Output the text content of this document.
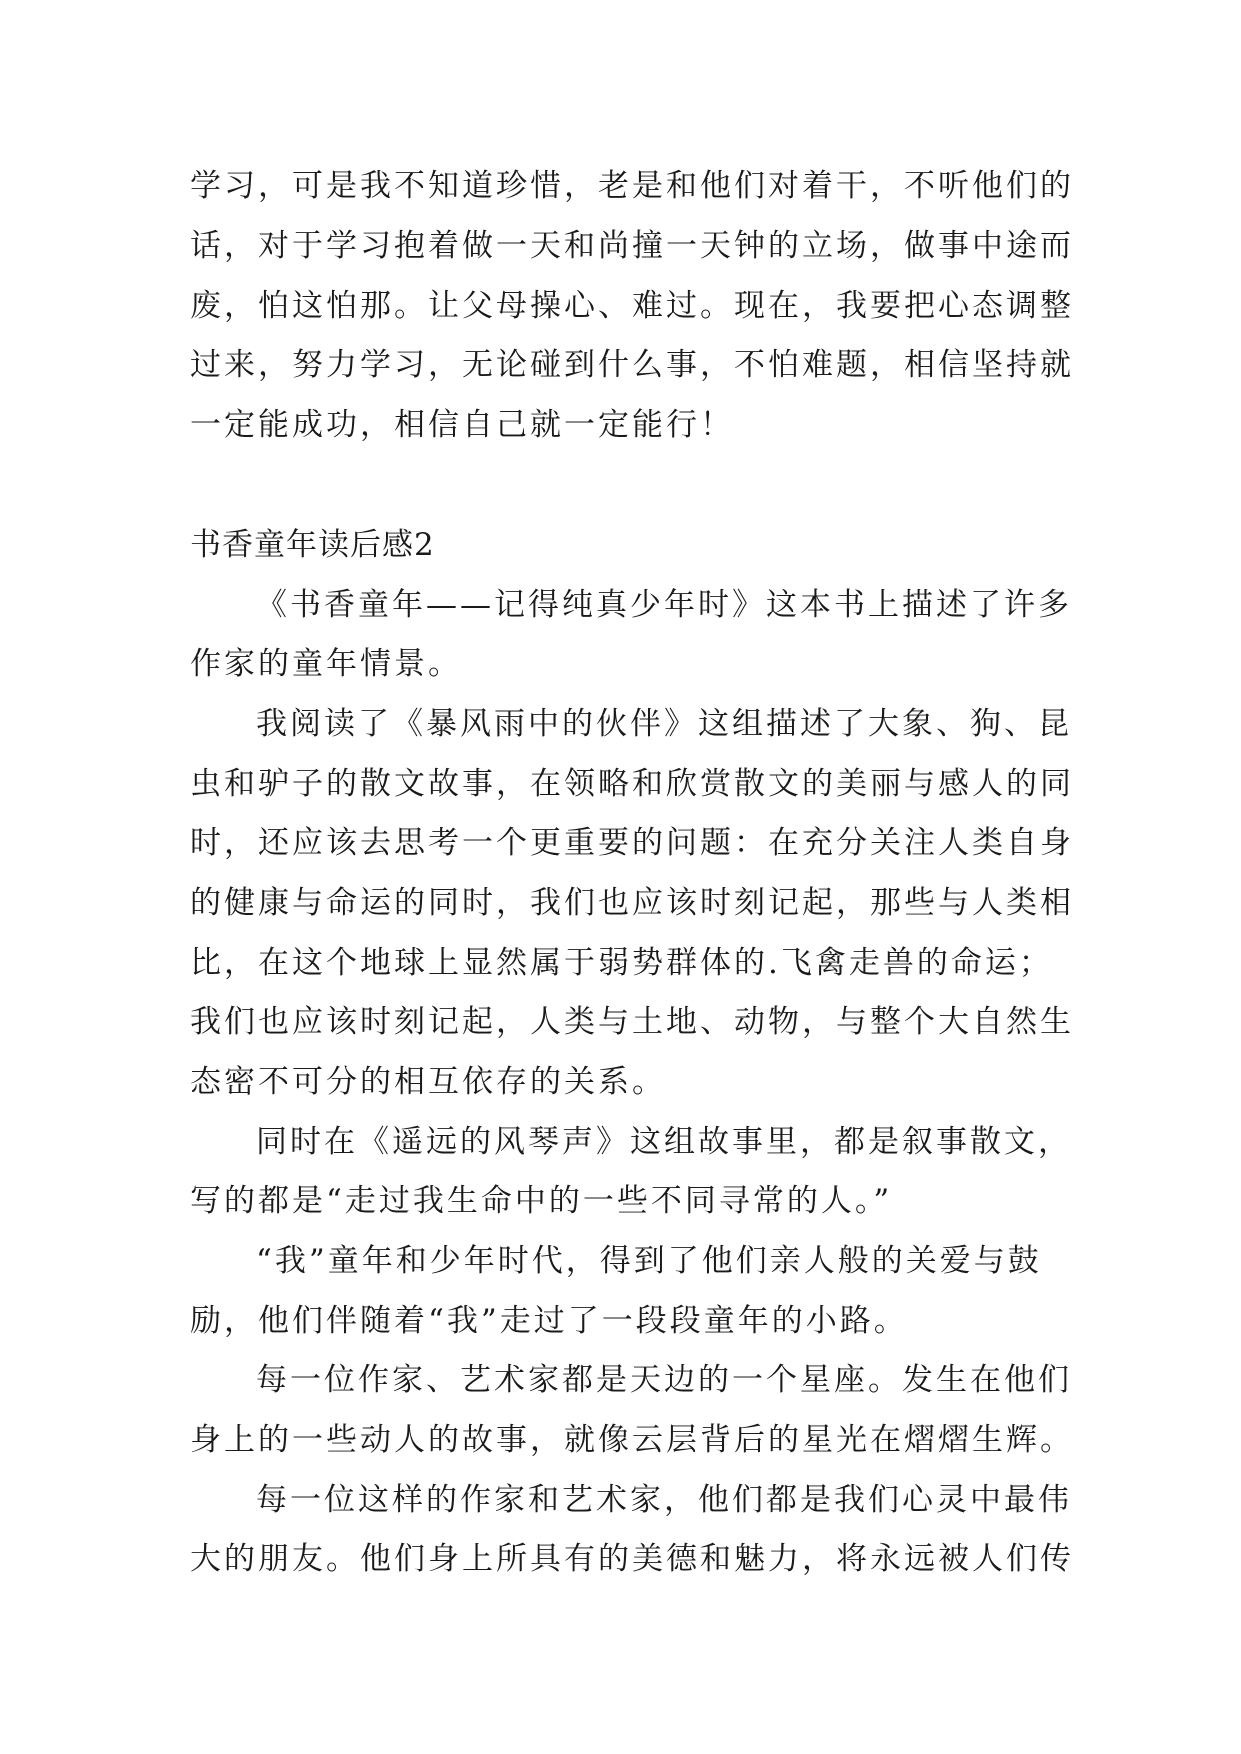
学习，可是我不知道珍惜，老是和他们对着干，不听他们的
话，对于学习抱着做一天和尚撞一天钟的立场，做事中途而
废，怕这怕那。让父母操心、难过。现在，我要把心态调整
过来，努力学习，无论碰到什么事，不怕难题，相信坚持就
一定能成功，相信自己就一定能行！
书香童年读后感2
《书香童年——记得纯真少年时》这本书上描述了许多
作家的童年情景。
我阅读了《暴风雨中的伙伴》这组描述了大象、狗、昆
虫和驴子的散文故事，在领略和欣赏散文的美丽与感人的同
时，还应该去思考一个更重要的问题：在充分关注人类自身
的健康与命运的同时，我们也应该时刻记起，那些与人类相
比，在这个地球上显然属于弱势群体的.飞禽走兽的命运；
我们也应该时刻记起，人类与土地、动物，与整个大自然生
态密不可分的相互依存的关系。
同时在《遥远的风琴声》这组故事里，都是叙事散文，
写的都是“走过我生命中的一些不同寻常的人。”
“我”童年和少年时代，得到了他们亲人般的关爱与鼓
励，他们伴随着“我”走过了一段段童年的小路。
每一位作家、艺术家都是天边的一个星座。发生在他们
身上的一些动人的故事，就像云层背后的星光在熠熠生辉。
每一位这样的作家和艺术家，他们都是我们心灵中最伟
大的朋友。他们身上所具有的美德和魅力，将永远被人们传
